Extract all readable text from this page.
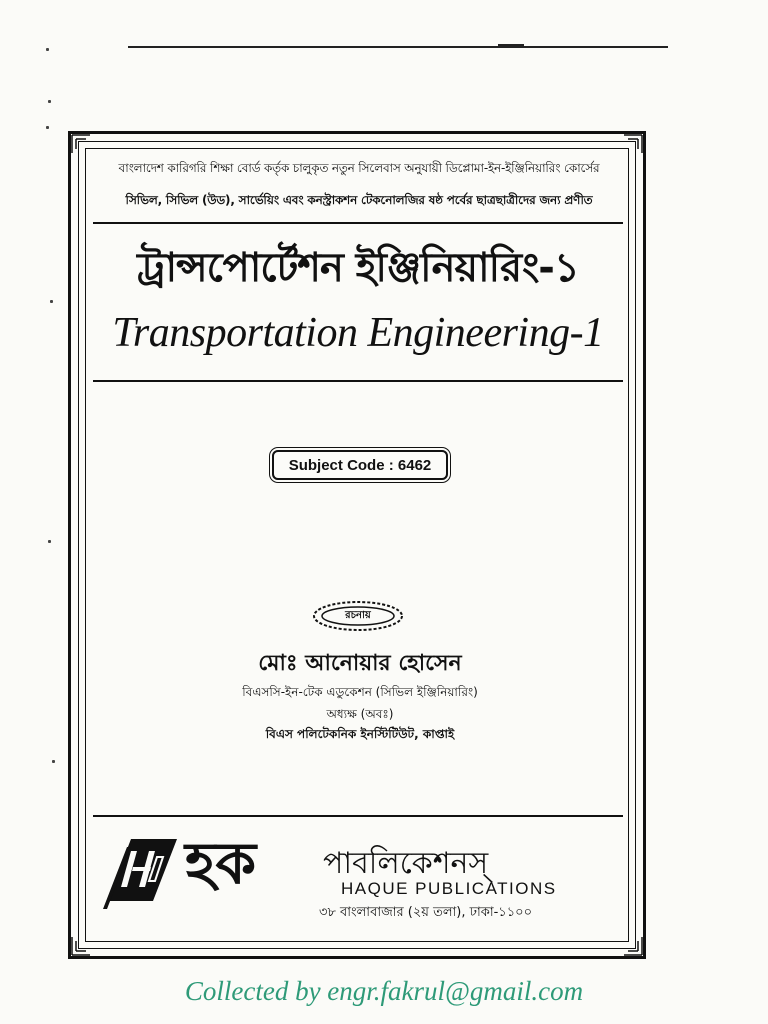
বাংলাদেশ কারিগরি শিক্ষা বোর্ড কর্তৃক চালুকৃত নতুন সিলেবাস অনুযায়ী ডিপ্লোমা-ইন-ইঞ্জিনিয়ারিং কোর্সের
সিভিল, সিভিল (উড), সার্ভেয়িং এবং কনস্ট্রাকশন টেকনোলজির ষষ্ঠ পর্বের ছাত্রছাত্রীদের জন্য প্রণীত
ট্রান্সপোর্টেশন ইঞ্জিনিয়ারিং-১
Transportation Engineering-1
Subject Code : 6462
রচনায়
মোঃ আনোয়ার হোসেন
বিএসসি-ইন-টেক এডুকেশন (সিভিল ইঞ্জিনিয়ারিং)
অধ্যক্ষ (অবঃ)
বিএস পলিটেকনিক ইনস্টিটিউট, কাপ্তাই
হক পাবলিকেশনস্
HAQUE PUBLICATIONS
৩৮ বাংলাবাজার (২য় তলা), ঢাকা-১১০০
Collected by engr.fakrul@gmail.com
